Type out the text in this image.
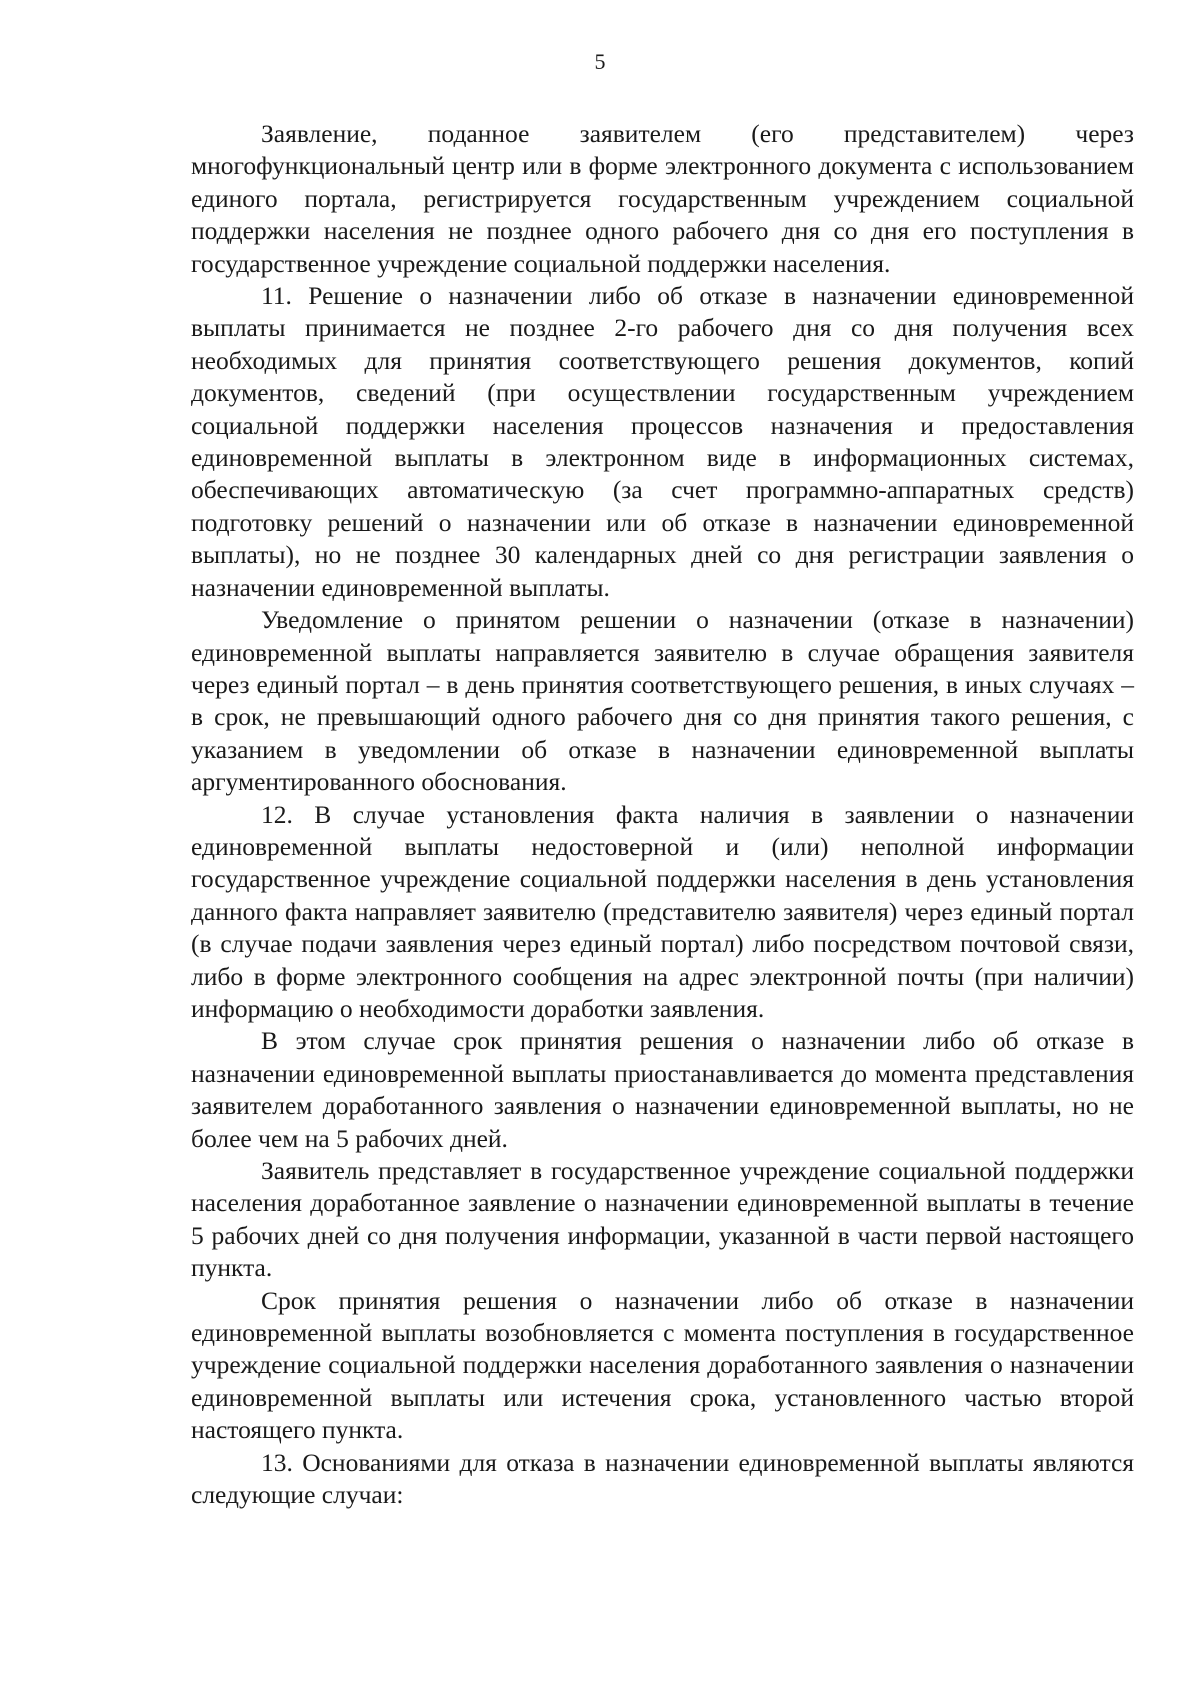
5

Заявление, поданное заявителем (его представителем) через многофункциональный центр или в форме электронного документа с использованием единого портала, регистрируется государственным учреждением социальной поддержки населения не позднее одного рабочего дня со дня его поступления в государственное учреждение социальной поддержки населения.

11. Решение о назначении либо об отказе в назначении единовременной выплаты принимается не позднее 2-го рабочего дня со дня получения всех необходимых для принятия соответствующего решения документов, копий документов, сведений (при осуществлении государственным учреждением социальной поддержки населения процессов назначения и предоставления единовременной выплаты в электронном виде в информационных системах, обеспечивающих автоматическую (за счет программно-аппаратных средств) подготовку решений о назначении или об отказе в назначении единовременной выплаты), но не позднее 30 календарных дней со дня регистрации заявления о назначении единовременной выплаты.

Уведомление о принятом решении о назначении (отказе в назначении) единовременной выплаты направляется заявителю в случае обращения заявителя через единый портал – в день принятия соответствующего решения, в иных случаях – в срок, не превышающий одного рабочего дня со дня принятия такого решения, с указанием в уведомлении об отказе в назначении единовременной выплаты аргументированного обоснования.

12. В случае установления факта наличия в заявлении о назначении единовременной выплаты недостоверной и (или) неполной информации государственное учреждение социальной поддержки населения в день установления данного факта направляет заявителю (представителю заявителя) через единый портал (в случае подачи заявления через единый портал) либо посредством почтовой связи, либо в форме электронного сообщения на адрес электронной почты (при наличии) информацию о необходимости доработки заявления.

В этом случае срок принятия решения о назначении либо об отказе в назначении единовременной выплаты приостанавливается до момента представления заявителем доработанного заявления о назначении единовременной выплаты, но не более чем на 5 рабочих дней.

Заявитель представляет в государственное учреждение социальной поддержки населения доработанное заявление о назначении единовременной выплаты в течение 5 рабочих дней со дня получения информации, указанной в части первой настоящего пункта.

Срок принятия решения о назначении либо об отказе в назначении единовременной выплаты возобновляется с момента поступления в государственное учреждение социальной поддержки населения доработанного заявления о назначении единовременной выплаты или истечения срока, установленного частью второй настоящего пункта.

13. Основаниями для отказа в назначении единовременной выплаты являются следующие случаи:
